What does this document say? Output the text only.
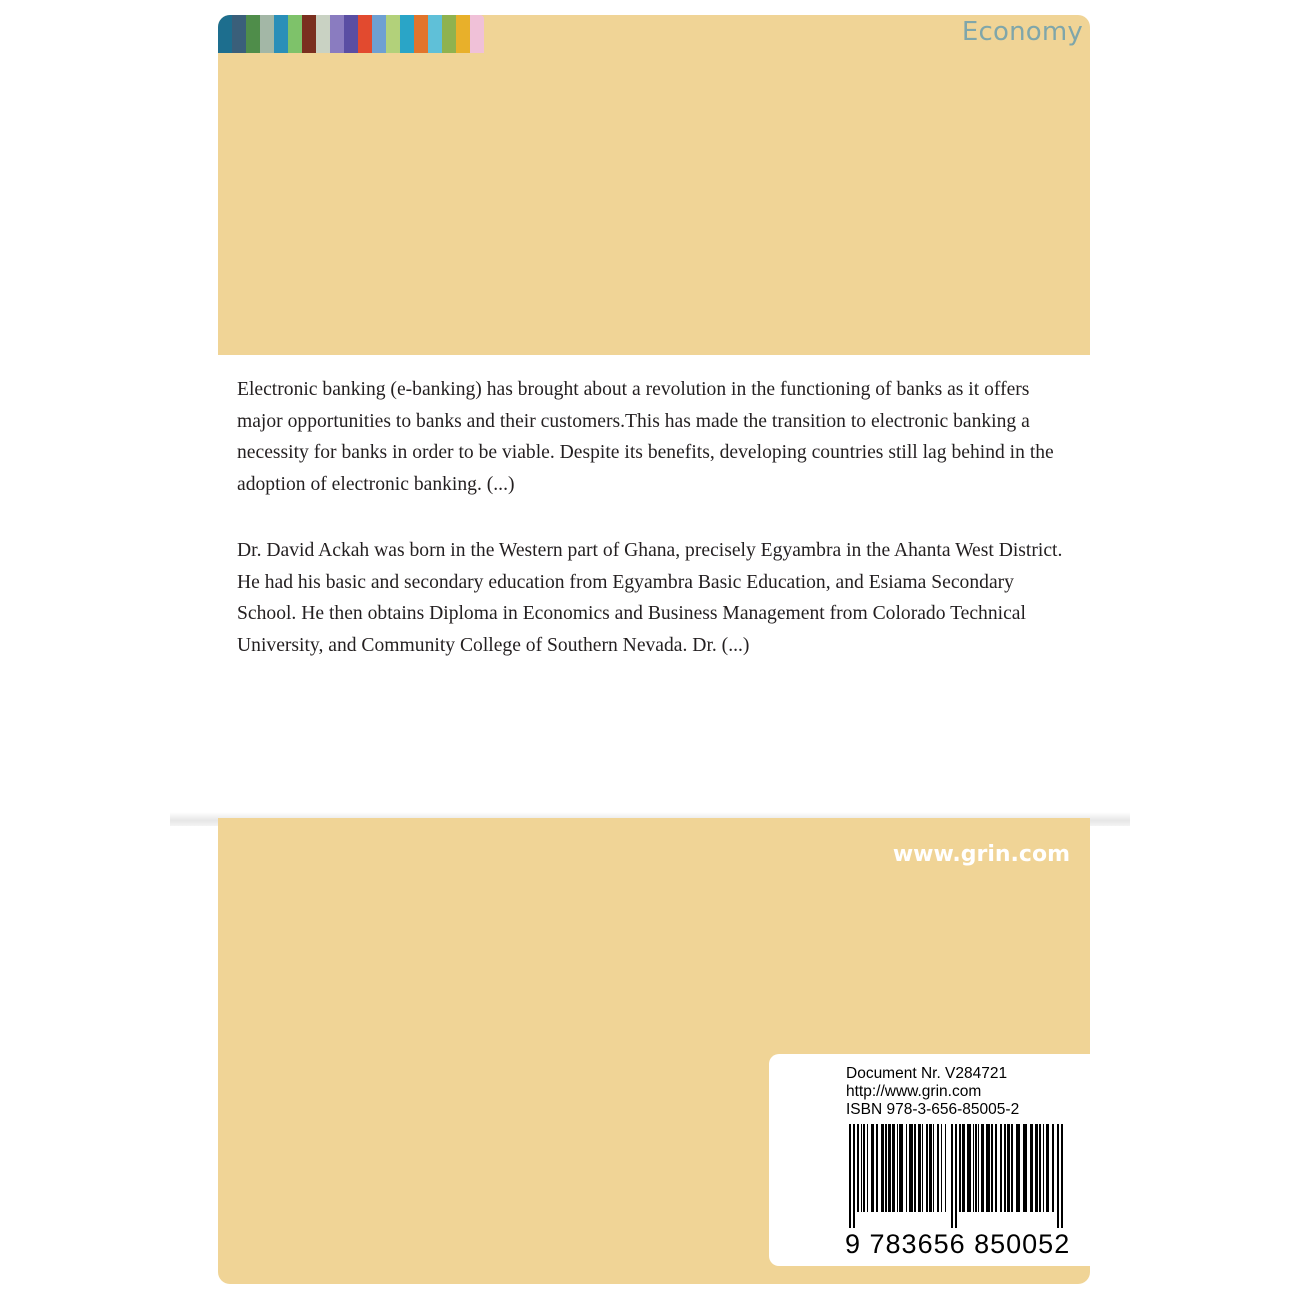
Economy

Electronic banking (e-banking) has brought about a revolution in the functioning of banks as it offers major opportunities to banks and their customers.This has made the transition to electronic banking a necessity for banks in order to be viable. Despite its benefits, developing countries still lag behind in the adoption of electronic banking. (...)

Dr. David Ackah was born in the Western part of Ghana, precisely Egyambra in the Ahanta West District. He had his basic and secondary education from Egyambra Basic Education, and Esiama Secondary School. He then obtains Diploma in Economics and Business Management from Colorado Technical University, and Community College of Southern Nevada. Dr. (...)

www.grin.com
Document Nr. V284721
http://www.grin.com
ISBN 978-3-656-85005-2
9 783656 850052
